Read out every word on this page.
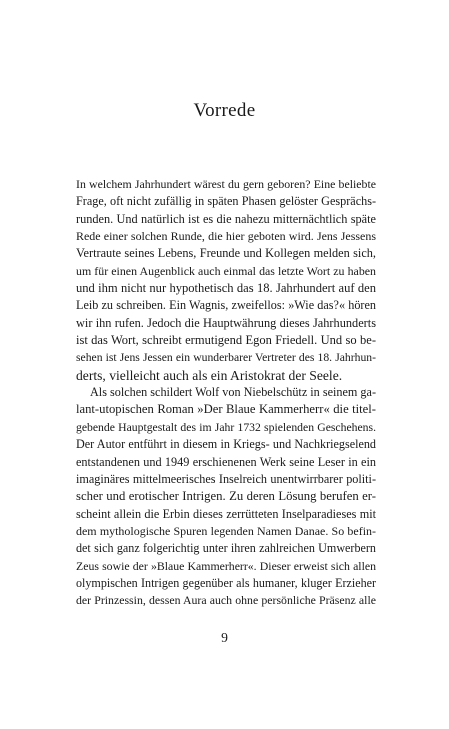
Vorrede
In welchem Jahrhundert wärest du gern geboren? Eine beliebte
Frage, oft nicht zufällig in späten Phasen gelöster Gesprächs-
runden. Und natürlich ist es die nahezu mitternächtlich späte
Rede einer solchen Runde, die hier geboten wird. Jens Jessens
Vertraute seines Lebens, Freunde und Kollegen melden sich,
um für einen Augenblick auch einmal das letzte Wort zu haben
und ihm nicht nur hypothetisch das 18. Jahrhundert auf den
Leib zu schreiben. Ein Wagnis, zweifellos: »Wie das?« hören
wir ihn rufen. Jedoch die Hauptwährung dieses Jahrhunderts
ist das Wort, schreibt ermutigend Egon Friedell. Und so be-
sehen ist Jens Jessen ein wunderbarer Vertreter des 18. Jahrhun-
derts, vielleicht auch als ein Aristokrat der Seele.
Als solchen schildert Wolf von Niebelschütz in seinem ga-
lant-utopischen Roman »Der Blaue Kammerherr« die titel-
gebende Hauptgestalt des im Jahr 1732 spielenden Geschehens.
Der Autor entführt in diesem in Kriegs- und Nachkriegselend
entstandenen und 1949 erschienenen Werk seine Leser in ein
imaginäres mittelmeerisches Inselreich unentwirrbarer politi-
scher und erotischer Intrigen. Zu deren Lösung berufen er-
scheint allein die Erbin dieses zerrütteten Inselparadieses mit
dem mythologische Spuren legenden Namen Danae. So befin-
det sich ganz folgerichtig unter ihren zahlreichen Umwerbern
Zeus sowie der »Blaue Kammerherr«. Dieser erweist sich allen
olympischen Intrigen gegenüber als humaner, kluger Erzieher
der Prinzessin, dessen Aura auch ohne persönliche Präsenz alle
9
